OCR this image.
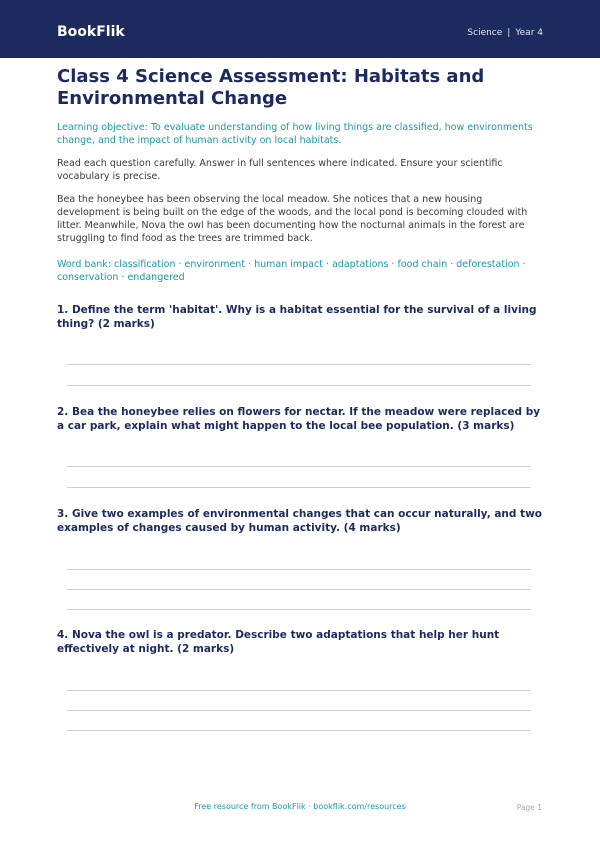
BookFlik	Science | Year 4
Class 4 Science Assessment: Habitats and Environmental Change

Learning objective: To evaluate understanding of how living things are classified, how environments change, and the impact of human activity on local habitats.

Read each question carefully. Answer in full sentences where indicated. Ensure your scientific vocabulary is precise.

Bea the honeybee has been observing the local meadow. She notices that a new housing development is being built on the edge of the woods, and the local pond is becoming clouded with litter. Meanwhile, Nova the owl has been documenting how the nocturnal animals in the forest are struggling to find food as the trees are trimmed back.

Word bank: classification · environment · human impact · adaptations · food chain · deforestation · conservation · endangered

1. Define the term 'habitat'. Why is a habitat essential for the survival of a living thing? (2 marks)

2. Bea the honeybee relies on flowers for nectar. If the meadow were replaced by a car park, explain what might happen to the local bee population. (3 marks)

3. Give two examples of environmental changes that can occur naturally, and two examples of changes caused by human activity. (4 marks)

4. Nova the owl is a predator. Describe two adaptations that help her hunt effectively at night. (2 marks)

Free resource from BookFlik · bookflik.com/resources	Page 1
